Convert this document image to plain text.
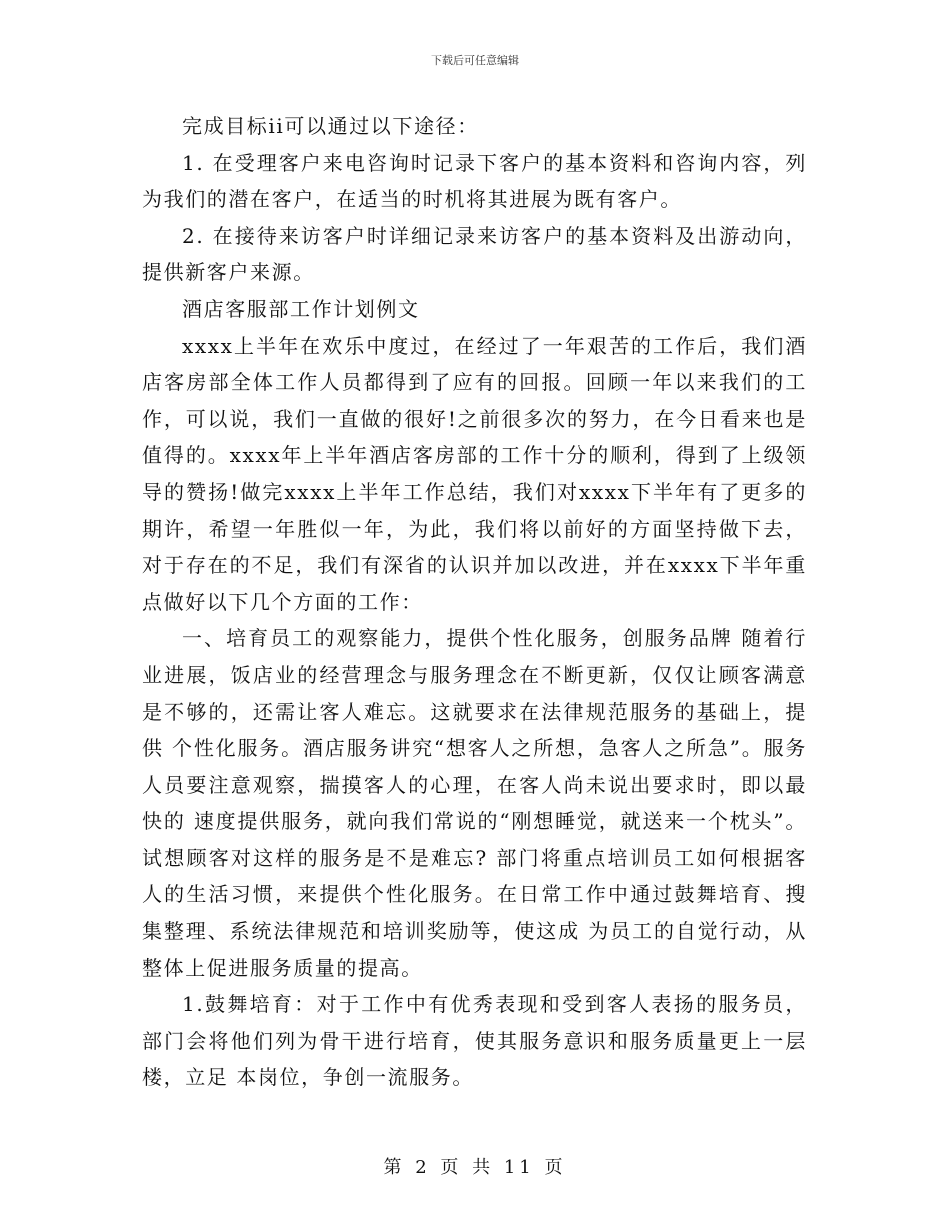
下载后可任意编辑

完成目标ii可以通过以下途径：

1. 在受理客户来电咨询时记录下客户的基本资料和咨询内容，列为我们的潜在客户，在适当的时机将其进展为既有客户。

2. 在接待来访客户时详细记录来访客户的基本资料及出游动向，提供新客户来源。

酒店客服部工作计划例文

xxxx上半年在欢乐中度过，在经过了一年艰苦的工作后，我们酒店客房部全体工作人员都得到了应有的回报。回顾一年以来我们的工作，可以说，我们一直做的很好!之前很多次的努力，在今日看来也是值得的。xxxx年上半年酒店客房部的工作十分的顺利，得到了上级领导的赞扬!做完xxxx上半年工作总结，我们对xxxx下半年有了更多的期许，希望一年胜似一年，为此，我们将以前好的方面坚持做下去，对于存在的不足，我们有深省的认识并加以改进，并在xxxx下半年重点做好以下几个方面的工作：

一、培育员工的观察能力，提供个性化服务，创服务品牌 随着行业进展，饭店业的经营理念与服务理念在不断更新，仅仅让顾客满意是不够的，还需让客人难忘。这就要求在法律规范服务的基础上，提供 个性化服务。酒店服务讲究“想客人之所想，急客人之所急”。服务人员要注意观察，揣摸客人的心理，在客人尚未说出要求时，即以最快的 速度提供服务，就向我们常说的“刚想睡觉，就送来一个枕头”。试想顾客对这样的服务是不是难忘? 部门将重点培训员工如何根据客人的生活习惯，来提供个性化服务。在日常工作中通过鼓舞培育、搜集整理、系统法律规范和培训奖励等，使这成 为员工的自觉行动，从整体上促进服务质量的提高。

1.鼓舞培育：对于工作中有优秀表现和受到客人表扬的服务员，部门会将他们列为骨干进行培育，使其服务意识和服务质量更上一层楼，立足 本岗位，争创一流服务。

第 2 页 共 11 页
